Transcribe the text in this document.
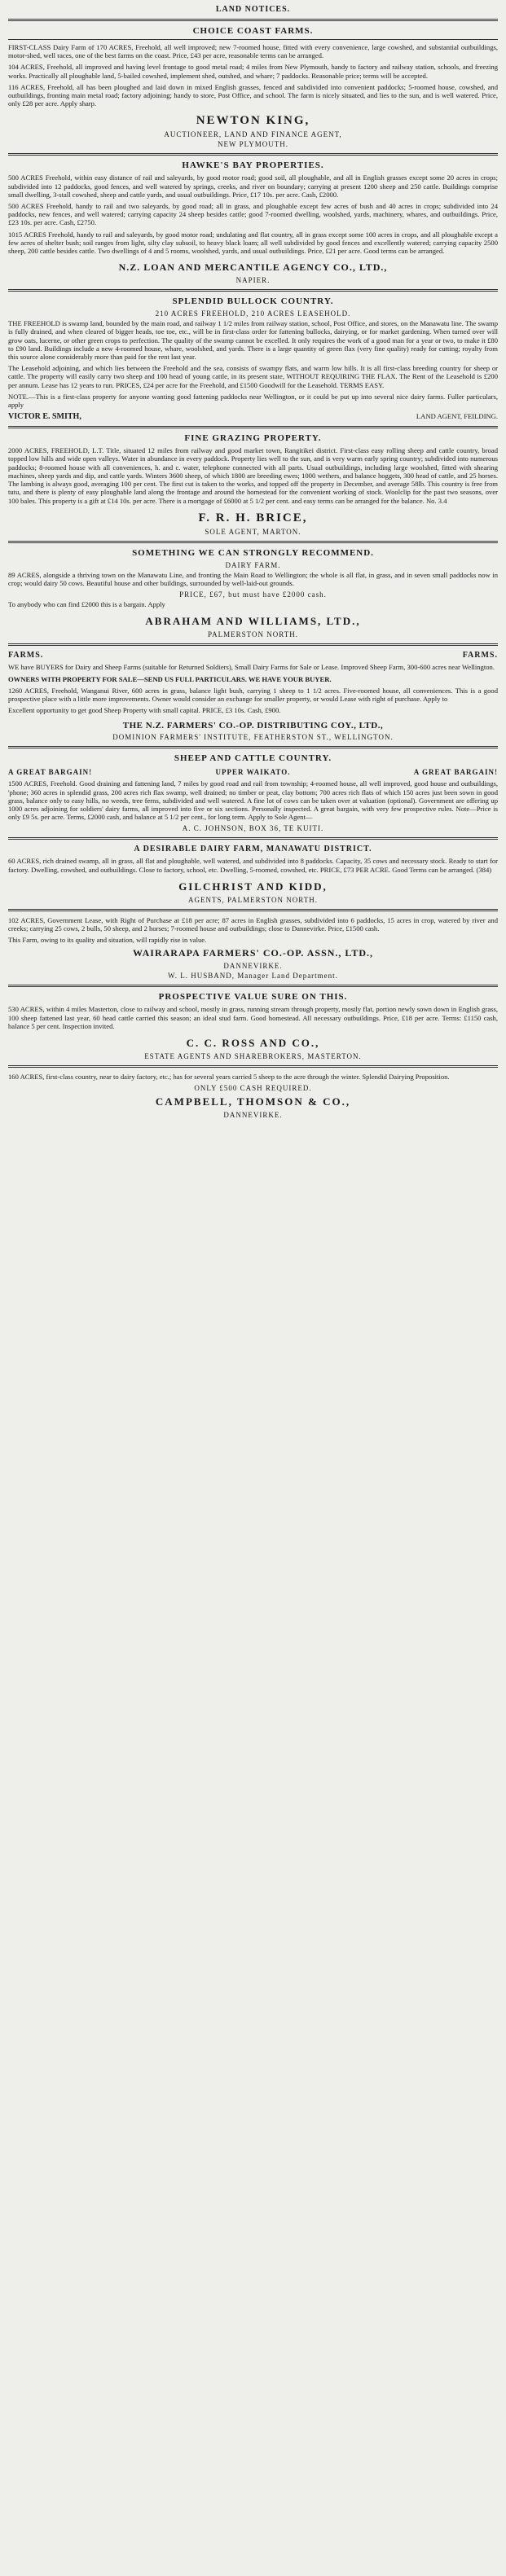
LAND NOTICES.
CHOICE COAST FARMS.

FIRST-CLASS Dairy Farm of 170 ACRES, Freehold, all well improved; new 7-roomed house, fitted with every convenience, large cowshed, and substantial outbuildings, motor-shed, well races, one of the best farms on the coast. Price, £43 per acre, reasonable terms can be arranged.

104 ACRES, Freehold, all improved and having level frontage to good metal road; 4 miles from New Plymouth, handy to factory and railway station, schools, and freezing works. Practically all ploughable land, 5-bailed cowshed, implement shed, outshed, and whare; 7 paddocks. Reasonable price; terms will be accepted.

116 ACRES, Freehold, all has been ploughed and laid down in mixed English grasses, fenced and subdivided into convenient paddocks; 5-roomed house, cowshed, and outbuildings, fronting main metal road; factory adjoining; handy to store, Post Office, and school. The farm is nicely situated, and lies to the sun, and is well watered. Price, only £28 per acre. Apply sharp.

NEWTON KING,
AUCTIONEER, LAND AND FINANCE AGENT,
NEW PLYMOUTH.
HAWKE'S BAY PROPERTIES.

500 ACRES Freehold, within easy distance of rail and saleyards, by good motor road; good soil, all ploughable, and all in English grasses except some 20 acres in crops; subdivided into 12 paddocks, good fences, and well watered by springs, creeks, and river on boundary; carrying at present 1200 sheep and 250 cattle. Buildings comprise small dwelling, 3-stall cowshed, sheep and cattle yards, and usual outbuildings. Price, £17 10s. per acre. Cash, £2000.

500 ACRES Freehold, handy to rail and two saleyards, by good road; all in grass, and ploughable except few acres of bush and 40 acres in crops; subdivided into 24 paddocks, new fences, and well watered; carrying capacity 24 sheep besides cattle; good 7-roomed dwelling, woolshed, yards, machinery, whares, and outbuildings. Price, £23 10s. per acre. Cash, £2750.

1015 ACRES Freehold, handy to rail and saleyards, by good motor road; undulating and flat country, all in grass except some 100 acres in crops, and all ploughable except a few acres of shelter bush; soil ranges from light, silty clay subsoil, to heavy black loam; all well subdivided by good fences and excellently watered; carrying capacity 2500 sheep, 200 cattle besides cattle. Two dwellings of 4 and 5 rooms, woolshed, yards, and usual outbuildings. Price, £21 per acre. Good terms can be arranged.

N.Z. LOAN AND MERCANTILE AGENCY CO., LTD.,
NAPIER.
SPLENDID BULLOCK COUNTRY.
210 ACRES FREEHOLD, 210 ACRES LEASEHOLD.

THE FREEHOLD is swamp land, bounded by the main road, and railway 1 1/2 miles from railway station, school, Post Office, and stores, on the Manawatu line. The swamp is fully drained, and when cleared of bigger heads, toe toe, etc., will be in first-class order for fattening bullocks, dairying, or for market gardening. When turned over will grow oats, lucerne, or other green crops to perfection. The quality of the swamp cannot be excelled. It only requires the work of a good man for a year or two, to make it £80 to £90 land. Buildings include a new 4-roomed house, whare, woolshed, and yards. There is a large quantity of green flax (very fine quality) ready for cutting; royalty from this source alone considerably more than paid for the rent last year.

The Leasehold adjoining, and which lies between the Freehold and the sea, consists of swampy flats, and warm low hills. It is all first-class breeding country for sheep or cattle. The property will easily carry two sheep and 100 head of young cattle, in its present state, WITHOUT REQUIRING THE FLAX. The Rent of the Leasehold is £200 per annum. Lease has 12 years to run. PRICES, £24 per acre for the Freehold, and £1500 Goodwill for the Leasehold. TERMS EASY.

NOTE.—This is a first-class property for anyone wanting good fattening paddocks near Wellington, or it could be put up into several nice dairy farms. Fuller particulars, apply

VICTOR E. SMITH,	LAND AGENT, FEILDING.
FINE GRAZING PROPERTY.

2000 ACRES, FREEHOLD, L.T. Title, situated 12 miles from railway and good market town, Rangitikei district. First-class easy rolling sheep and cattle country, broad topped low hills and wide open valleys. Water in abundance in every paddock. Property lies well to the sun, and is very warm early spring country; subdivided into numerous paddocks; 8-roomed house with all conveniences, h. and c. water, telephone connected with all parts. Usual outbuildings, including large woolshed, fitted with shearing machines, sheep yards and dip, and cattle yards. Winters 3600 sheep, of which 1800 are breeding ewes; 1000 wethers, and balance hoggets, 300 head of cattle, and 25 horses. The lambing is always good, averaging 100 per cent. The first cut is taken to the works, and topped off the property in December, and average 58lb. This country is free from tutu, and there is plenty of easy ploughable land along the frontage and around the homestead for the convenient working of stock. Woolclip for the past two seasons, over 100 bales. This property is a gift at £14 10s. per acre. There is a mortgage of £6000 at 5 1/2 per cent. and easy terms can be arranged for the balance. No. 3.4

F. R. H. BRICE,
SOLE AGENT, MARTON.
SOMETHING WE CAN STRONGLY RECOMMEND.
DAIRY FARM.

89 ACRES, alongside a thriving town on the Manawatu Line, and fronting the Main Road to Wellington; the whole is all flat, in grass, and in seven small paddocks now in crop; would dairy 50 cows. Beautiful house and other buildings, surrounded by well-laid-out grounds.

PRICE, £67, but must have £2000 cash.

To anybody who can find £2000 this is a bargain. Apply

ABRAHAM AND WILLIAMS, LTD.,
PALMERSTON NORTH.
FARMS.	FARMS.

WE have BUYERS for Dairy and Sheep Farms (suitable for Returned Soldiers), Small Dairy Farms for Sale or Lease. Improved Sheep Farm, 300-600 acres near Wellington.

OWNERS WITH PROPERTY FOR SALE—SEND US FULL PARTICULARS. WE HAVE YOUR BUYER.

1260 ACRES, Freehold, Wanganui River, 600 acres in grass, balance light bush, carrying 1 sheep to 1 1/2 acres. Five-roomed house, all conveniences. This is a good prospective place with a little more improvements. Owner would consider an exchange for smaller property, or would Lease with right of purchase. Apply to

Excellent opportunity to get good Sheep Property with small capital. PRICE, £3 10s. Cash, £900.

THE N.Z. FARMERS' CO.-OP. DISTRIBUTING COY., LTD.,
DOMINION FARMERS' INSTITUTE, FEATHERSTON ST., WELLINGTON.
SHEEP AND CATTLE COUNTRY.
A GREAT BARGAIN!	UPPER WAIKATO.	A GREAT BARGAIN!

1500 ACRES, Freehold. Good draining and fattening land, 7 miles by good road and rail from township; 4-roomed house, all well improved, good house and outbuildings, 'phone; 360 acres in splendid grass, 200 acres rich flax swamp, well drained; no timber or peat, clay bottom; 700 acres rich flats of which 150 acres just been sown in good grass, balance only to easy hills, no weeds, tree ferns, subdivided and well watered. A fine lot of cows can be taken over at valuation (optional). Government are offering up 1000 acres adjoining for soldiers' dairy farms, all improved into five or six sections. Personally inspected. A great bargain, with very few prospective rules. Note—Price is only £9 5s. per acre. Terms, £2000 cash, and balance at 5 1/2 per cent., for long term. Apply to Sole Agent—

A. C. JOHNSON, BOX 36, TE KUITI.
A DESIRABLE DAIRY FARM, MANAWATU DISTRICT.

60 ACRES, rich drained swamp, all in grass, all flat and ploughable, well watered, and subdivided into 8 paddocks. Capacity, 35 cows and necessary stock. Ready to start for factory. Dwelling, cowshed, and outbuildings. Close to factory, school, etc. Dwelling, 5-roomed, cowshed, etc. PRICE, £73 PER ACRE. Good Terms can be arranged. (384)

GILCHRIST AND KIDD,
AGENTS, PALMERSTON NORTH.

102 ACRES, Government Lease, with Right of Purchase at £18 per acre; 87 acres in English grasses, subdivided into 6 paddocks, 15 acres in crop, watered by river and creeks; carrying 25 cows, 2 bulls, 50 sheep, and 2 horses; 7-roomed house and outbuildings; close to Dannevirke. Price, £1500 cash.

This Farm, owing to its quality and situation, will rapidly rise in value.

WAIRARAPA FARMERS' CO.-OP. ASSN., LTD.,
DANNEVIRKE.
W. L. HUSBAND, Manager Land Department.
PROSPECTIVE VALUE SURE ON THIS.

530 ACRES, within 4 miles Masterton, close to railway and school, mostly in grass, running stream through property, mostly flat, portion newly sown down in English grass, 100 sheep fattened last year, 60 head cattle carried this season; an ideal stud farm. Good homestead. All necessary outbuildings. Price, £18 per acre. Terms: £1150 cash, balance 5 per cent. Inspection invited.

C. C. ROSS AND CO.,
ESTATE AGENTS AND SHAREBROKERS, MASTERTON.

160 ACRES, first-class country, near to dairy factory, etc.; has for several years carried 5 sheep to the acre through the winter. Splendid Dairying Proposition.

ONLY £500 CASH REQUIRED.
CAMPBELL, THOMSON & CO.,
DANNEVIRKE.
